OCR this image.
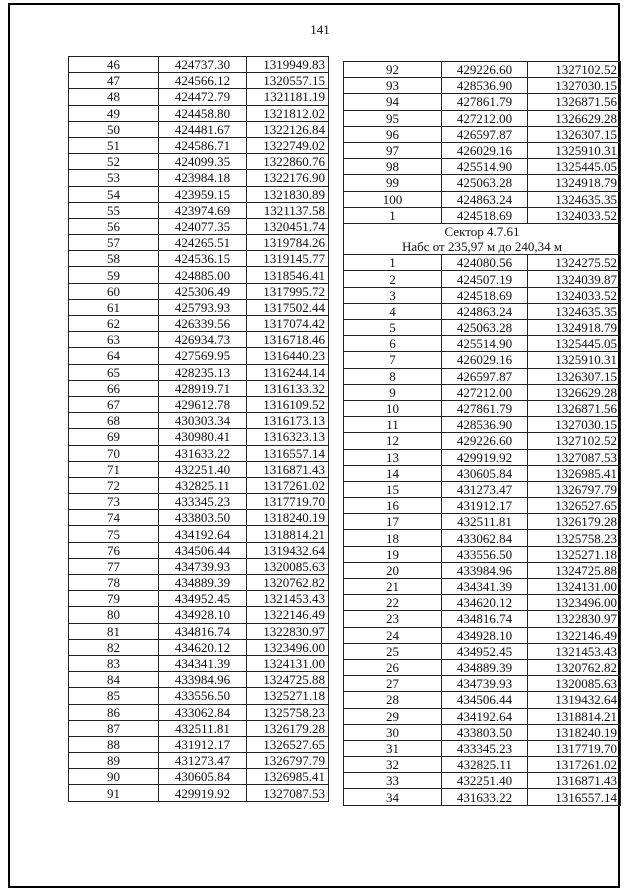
141
46	424737.30	1319949.83
47	424566.12	1320557.15
48	424472.79	1321181.19
49	424458.80	1321812.02
50	424481.67	1322126.84
51	424586.71	1322749.02
52	424099.35	1322860.76
53	423984.18	1322176.90
54	423959.15	1321830.89
55	423974.69	1321137.58
56	424077.35	1320451.74
57	424265.51	1319784.26
58	424536.15	1319145.77
59	424885.00	1318546.41
60	425306.49	1317995.72
61	425793.93	1317502.44
62	426339.56	1317074.42
63	426934.73	1316718.46
64	427569.95	1316440.23
65	428235.13	1316244.14
66	428919.71	1316133.32
67	429612.78	1316109.52
68	430303.34	1316173.13
69	430980.41	1316323.13
70	431633.22	1316557.14
71	432251.40	1316871.43
72	432825.11	1317261.02
73	433345.23	1317719.70
74	433803.50	1318240.19
75	434192.64	1318814.21
76	434506.44	1319432.64
77	434739.93	1320085.63
78	434889.39	1320762.82
79	434952.45	1321453.43
80	434928.10	1322146.49
81	434816.74	1322830.97
82	434620.12	1323496.00
83	434341.39	1324131.00
84	433984.96	1324725.88
85	433556.50	1325271.18
86	433062.84	1325758.23
87	432511.81	1326179.28
88	431912.17	1326527.65
89	431273.47	1326797.79
90	430605.84	1326985.41
91	429919.92	1327087.53
92	429226.60	1327102.52
93	428536.90	1327030.15
94	427861.79	1326871.56
95	427212.00	1326629.28
96	426597.87	1326307.15
97	426029.16	1325910.31
98	425514.90	1325445.05
99	425063.28	1324918.79
100	424863.24	1324635.35
1	424518.69	1324033.52
Сектор 4.7.61		
Набс от 235,97 м до 240,34 м		
1	424080.56	1324275.52
2	424507.19	1324039.87
3	424518.69	1324033.52
4	424863.24	1324635.35
5	425063.28	1324918.79
6	425514.90	1325445.05
7	426029.16	1325910.31
8	426597.87	1326307.15
9	427212.00	1326629.28
10	427861.79	1326871.56
11	428536.90	1327030.15
12	429226.60	1327102.52
13	429919.92	1327087.53
14	430605.84	1326985.41
15	431273.47	1326797.79
16	431912.17	1326527.65
17	432511.81	1326179.28
18	433062.84	1325758.23
19	433556.50	1325271.18
20	433984.96	1324725.88
21	434341.39	1324131.00
22	434620.12	1323496.00
23	434816.74	1322830.97
24	434928.10	1322146.49
25	434952.45	1321453.43
26	434889.39	1320762.82
27	434739.93	1320085.63
28	434506.44	1319432.64
29	434192.64	1318814.21
30	433803.50	1318240.19
31	433345.23	1317719.70
32	432825.11	1317261.02
33	432251.40	1316871.43
34	431633.22	1316557.14
